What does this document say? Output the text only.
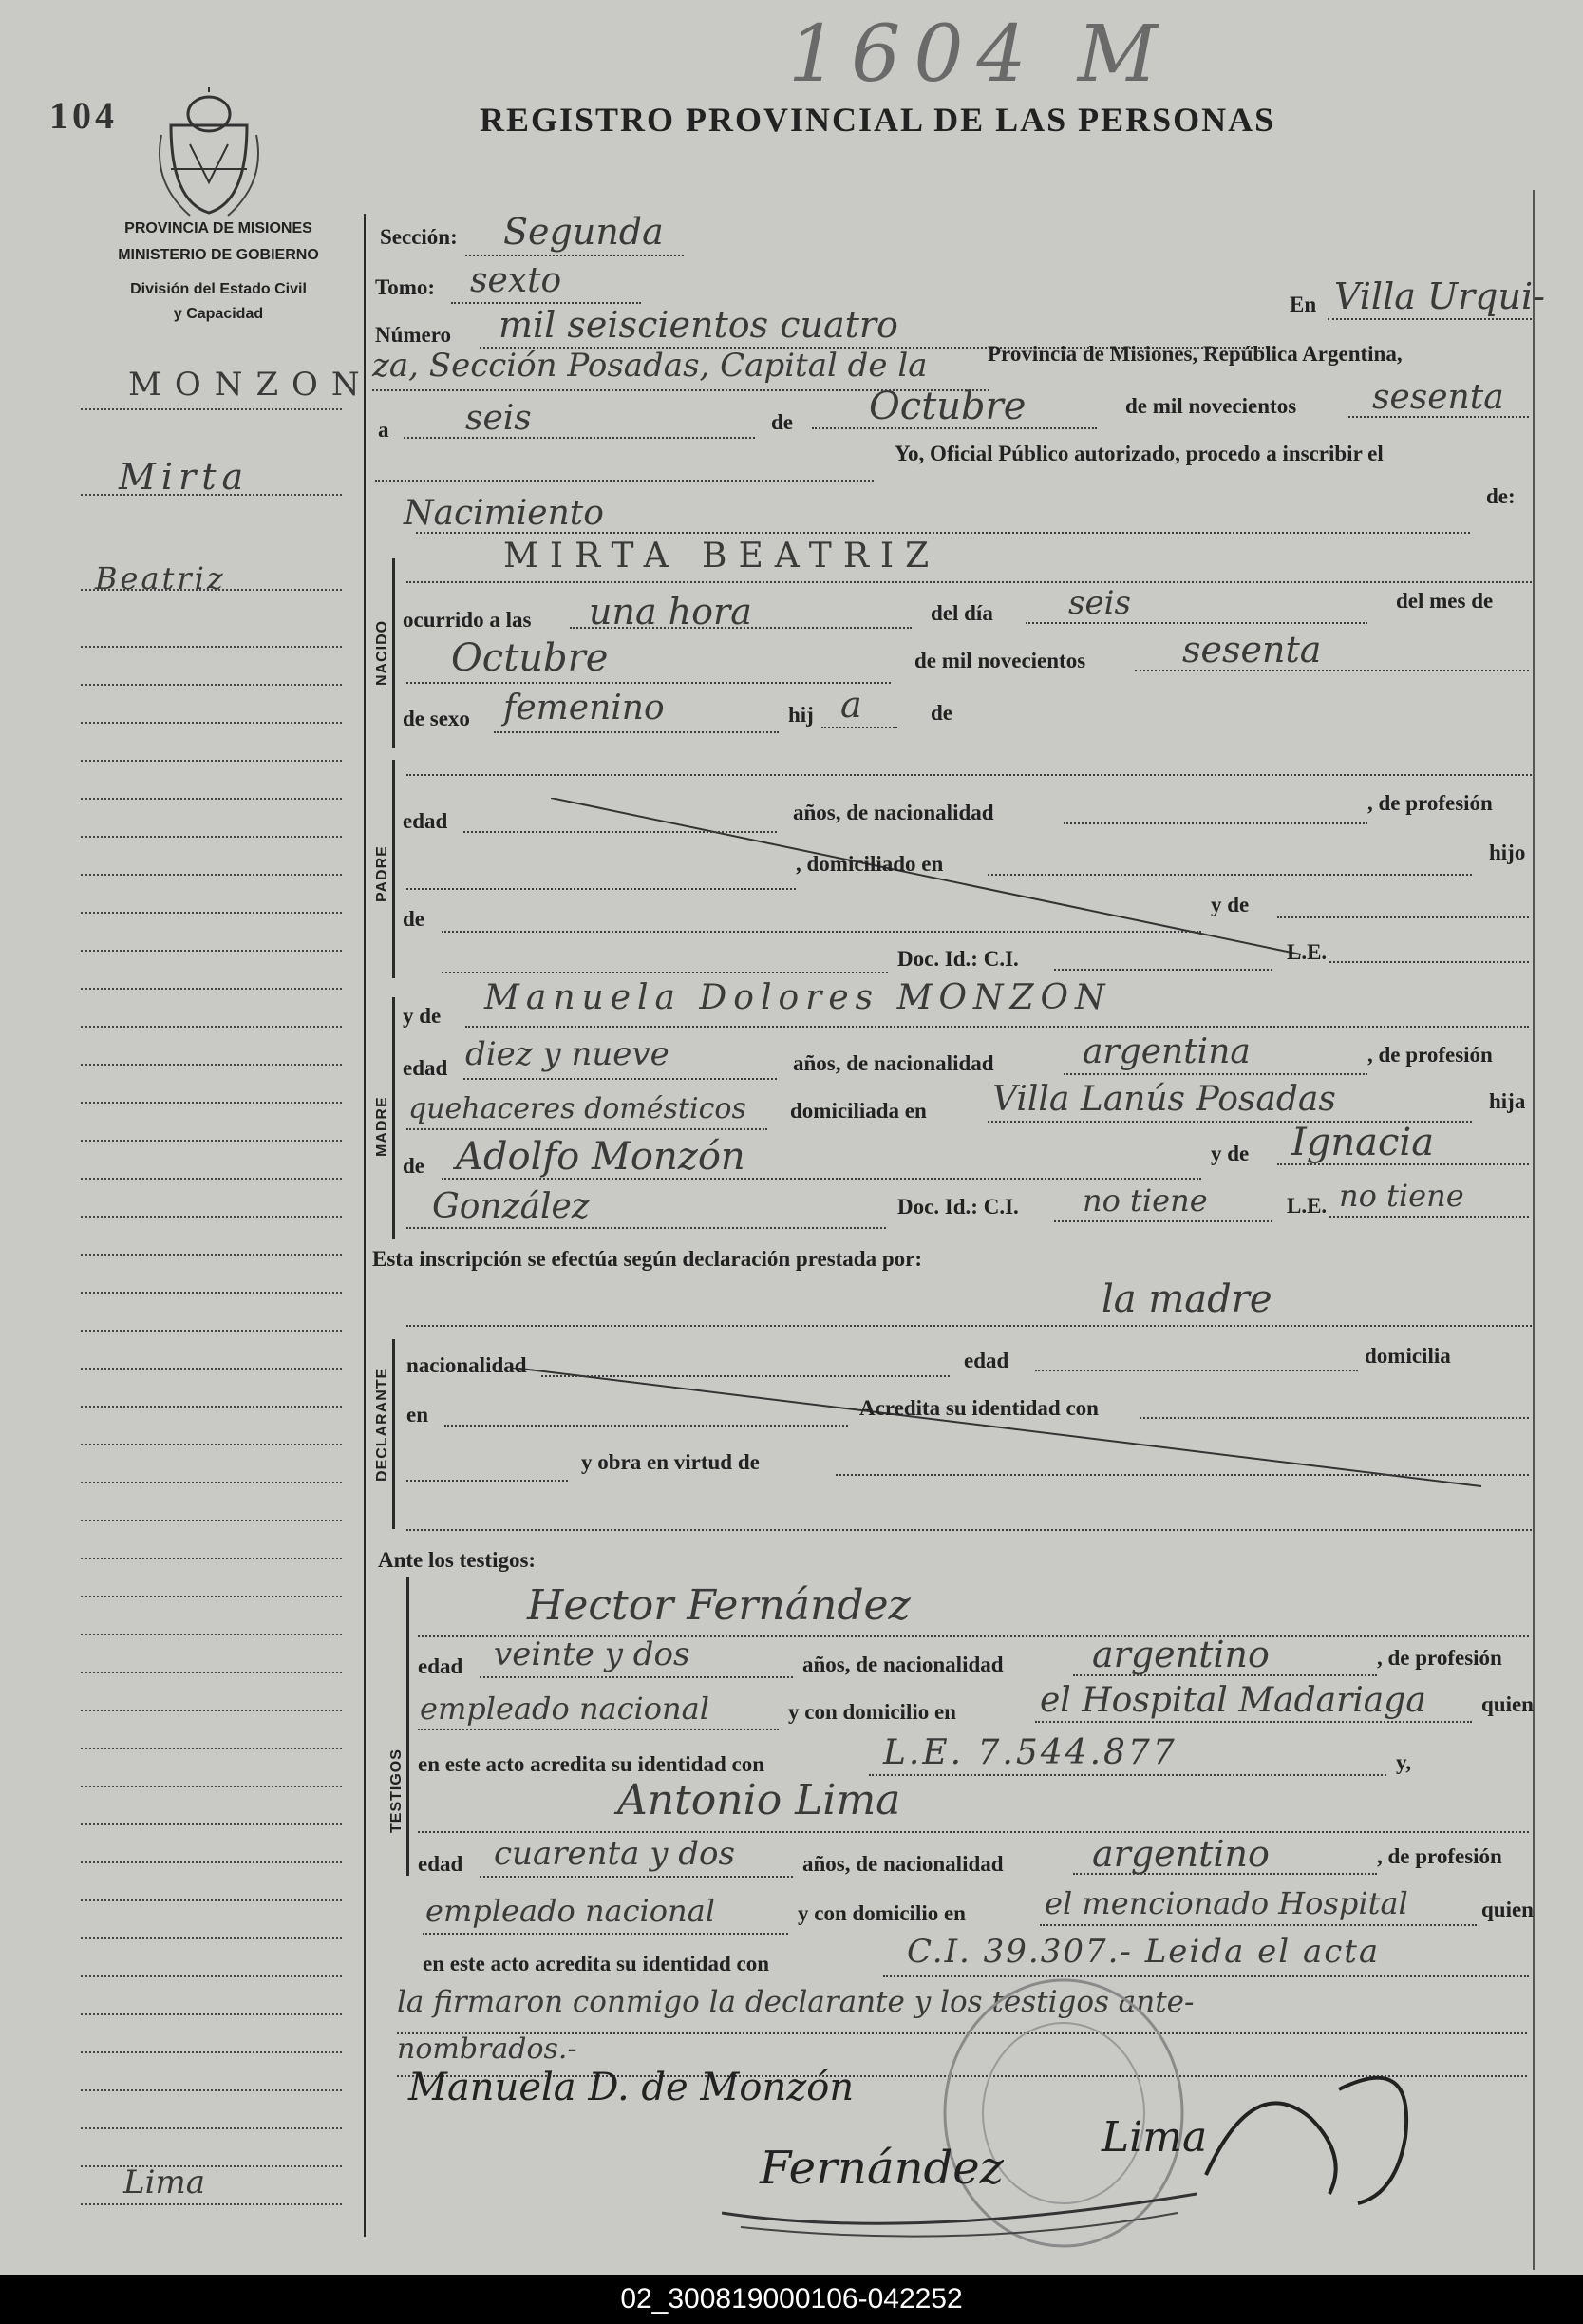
104
1604 M
REGISTRO PROVINCIAL DE LAS PERSONAS
PROVINCIA DE MISIONES
MINISTERIO DE GOBIERNO
División del Estado Civil
y Capacidad
MONZON
Mirta
Beatriz
Lima
Sección: Segunda
Tomo: sexto
Número mil seiscientos cuatro	En Villa Urqui-
za, Sección Posadas, Capital de la	Provincia de Misiones, República Argentina,
a seis	de Octubre	de mil novecientos sesenta
Yo, Oficial Público autorizado, procedo a inscribir el
de:
Nacimiento
NACIDO
MIRTA BEATRIZ
ocurrido a las una hora	del día seis	del mes de
Octubre	de mil novecientos	sesenta
de sexo femenino	hij a	de
PADRE
edad	años, de nacionalidad	, de profesión
, domiciliado en	hijo
de
y de
Doc. Id.: C.I.	L.E.
MADRE
y de Manuela Dolores MONZON
edad diez y nueve	años, de nacionalidad	argentina	, de profesión
quehaceres domésticos domiciliada en Villa Lanús Posadas	hija
de Adolfo Monzón	y de Ignacia
González	Doc. Id.: C.I. no tiene	L.E. no tiene
Esta inscripción se efectúa según declaración prestada por:
la madre
DECLARANTE
nacionalidad	edad	domicilia
en	Acredita su identidad con
y obra en virtud de
Ante los testigos:
TESTIGOS
Hector Fernández
edad veinte y dos	años, de nacionalidad argentino	, de profesión
empleado nacional	y con domicilio en el Hospital Madariaga	quien
en este acto acredita su identidad con	L.E. 7.544.877	y,
Antonio Lima
edad cuarenta y dos	años, de nacionalidad argentino	, de profesión
empleado nacional	y con domicilio en	el mencionado Hospital	quien
en este acto acredita su identidad con	C.I. 39.307.- Leida el acta
la firmaron conmigo la declarante y los testigos ante-
nombrados.-
Manuela D. de Monzón
Fernández
Lima
02_300819000106-042252
